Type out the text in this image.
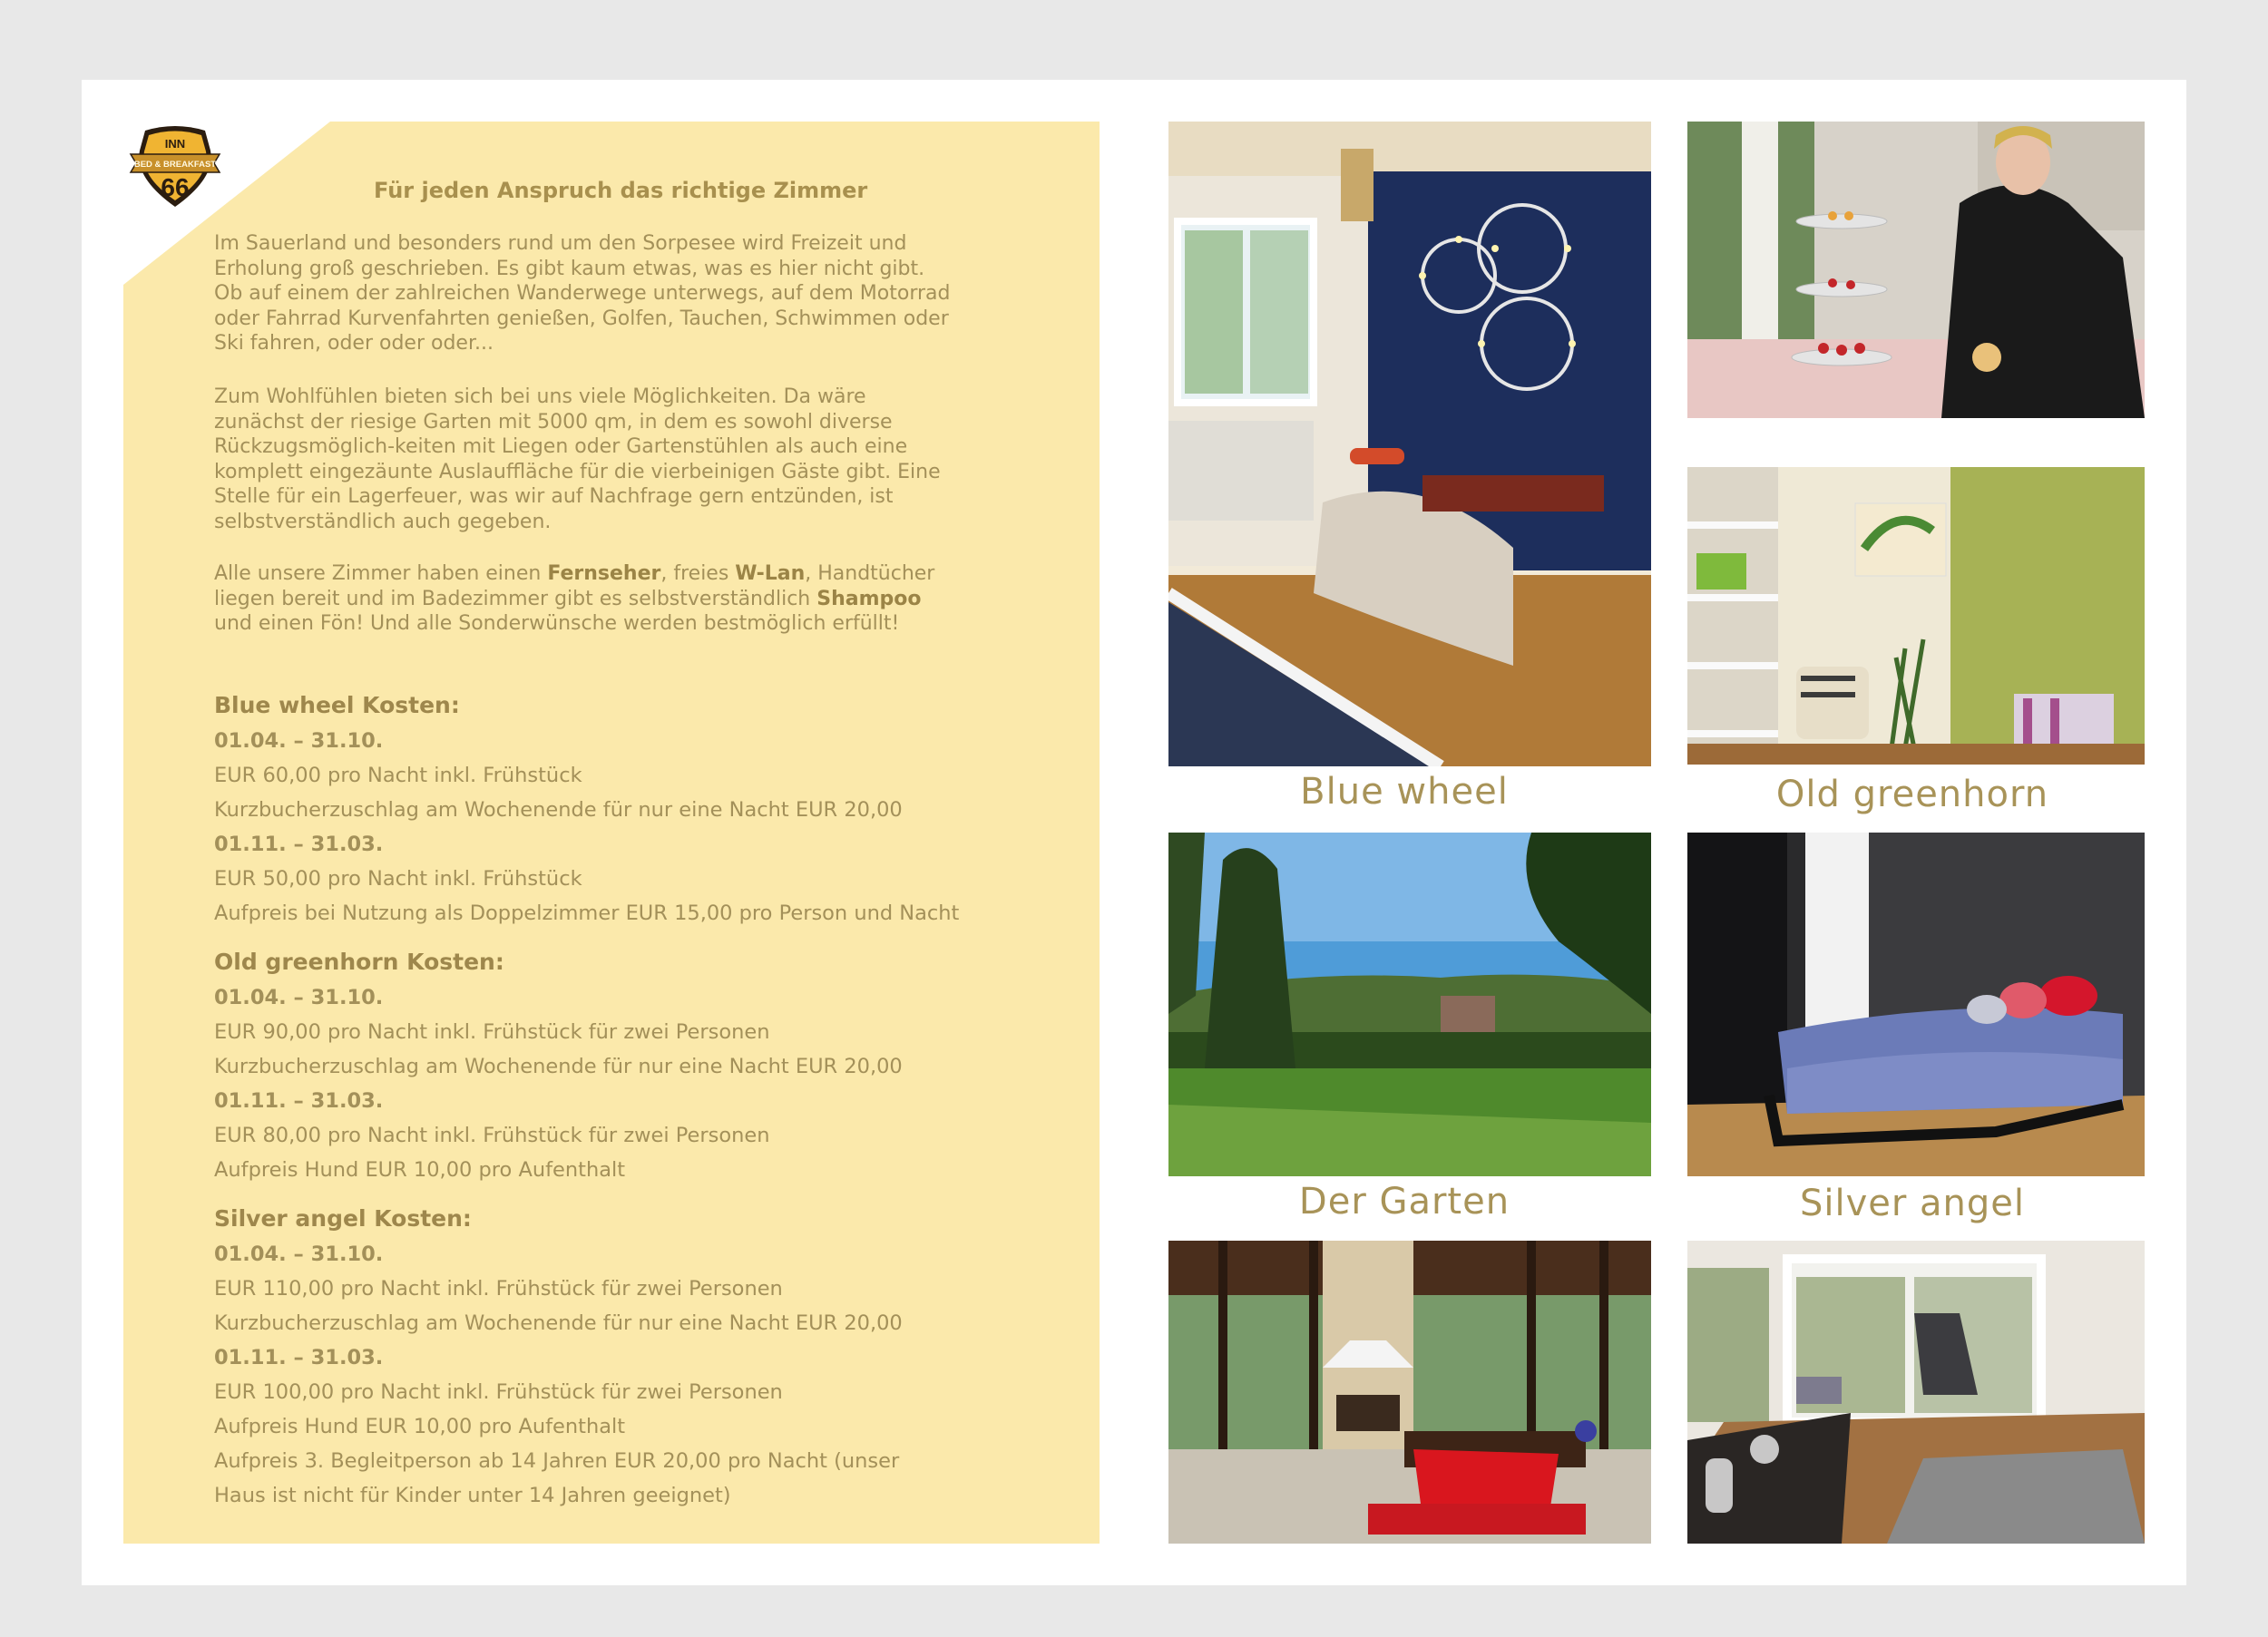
INN
BED & BREAKFAST
66	Für jeden Anspruch das richtige Zimmer

Im Sauerland und besonders rund um den Sorpesee wird Freizeit und
Erholung groß geschrieben. Es gibt kaum etwas, was es hier nicht gibt.
Ob auf einem der zahlreichen Wanderwege unterwegs, auf dem Motorrad
oder Fahrrad Kurvenfahrten genießen, Golfen, Tauchen, Schwimmen oder
Ski fahren, oder oder oder...

Zum Wohlfühlen bieten sich bei uns viele Möglichkeiten. Da wäre
zunächst der riesige Garten mit 5000 qm, in dem es sowohl diverse
Rückzugsmöglich-keiten mit Liegen oder Gartenstühlen als auch eine
komplett eingezäunte Auslauffläche für die vierbeinigen Gäste gibt. Eine
Stelle für ein Lagerfeuer, was wir auf Nachfrage gern entzünden, ist
selbstverständlich auch gegeben.

Alle unsere Zimmer haben einen Fernseher, freies W-Lan, Handtücher
liegen bereit und im Badezimmer gibt es selbstverständlich Shampoo
und einen Fön! Und alle Sonderwünsche werden bestmöglich erfüllt!

Blue wheel Kosten:

01.04. – 31.10.

EUR 60,00 pro Nacht inkl. Frühstück

Kurzbucherzuschlag am Wochenende für nur eine Nacht EUR 20,00

01.11. – 31.03.

EUR 50,00 pro Nacht inkl. Frühstück

Aufpreis bei Nutzung als Doppelzimmer EUR 15,00 pro Person und Nacht

Old greenhorn Kosten:

01.04. – 31.10.

EUR 90,00 pro Nacht inkl. Frühstück für zwei Personen

Kurzbucherzuschlag am Wochenende für nur eine Nacht EUR 20,00

01.11. – 31.03.

EUR 80,00 pro Nacht inkl. Frühstück für zwei Personen

Aufpreis Hund EUR 10,00 pro Aufenthalt

Silver angel Kosten:

01.04. – 31.10.

EUR 110,00 pro Nacht inkl. Frühstück für zwei Personen

Kurzbucherzuschlag am Wochenende für nur eine Nacht EUR 20,00

01.11. – 31.03.

EUR 100,00 pro Nacht inkl. Frühstück für zwei Personen

Aufpreis Hund EUR 10,00 pro Aufenthalt

Aufpreis 3. Begleitperson ab 14 Jahren EUR 20,00 pro Nacht (unser

Haus ist nicht für Kinder unter 14 Jahren geeignet)

Blue wheel	Old greenhorn
Der Garten	Silver angel
